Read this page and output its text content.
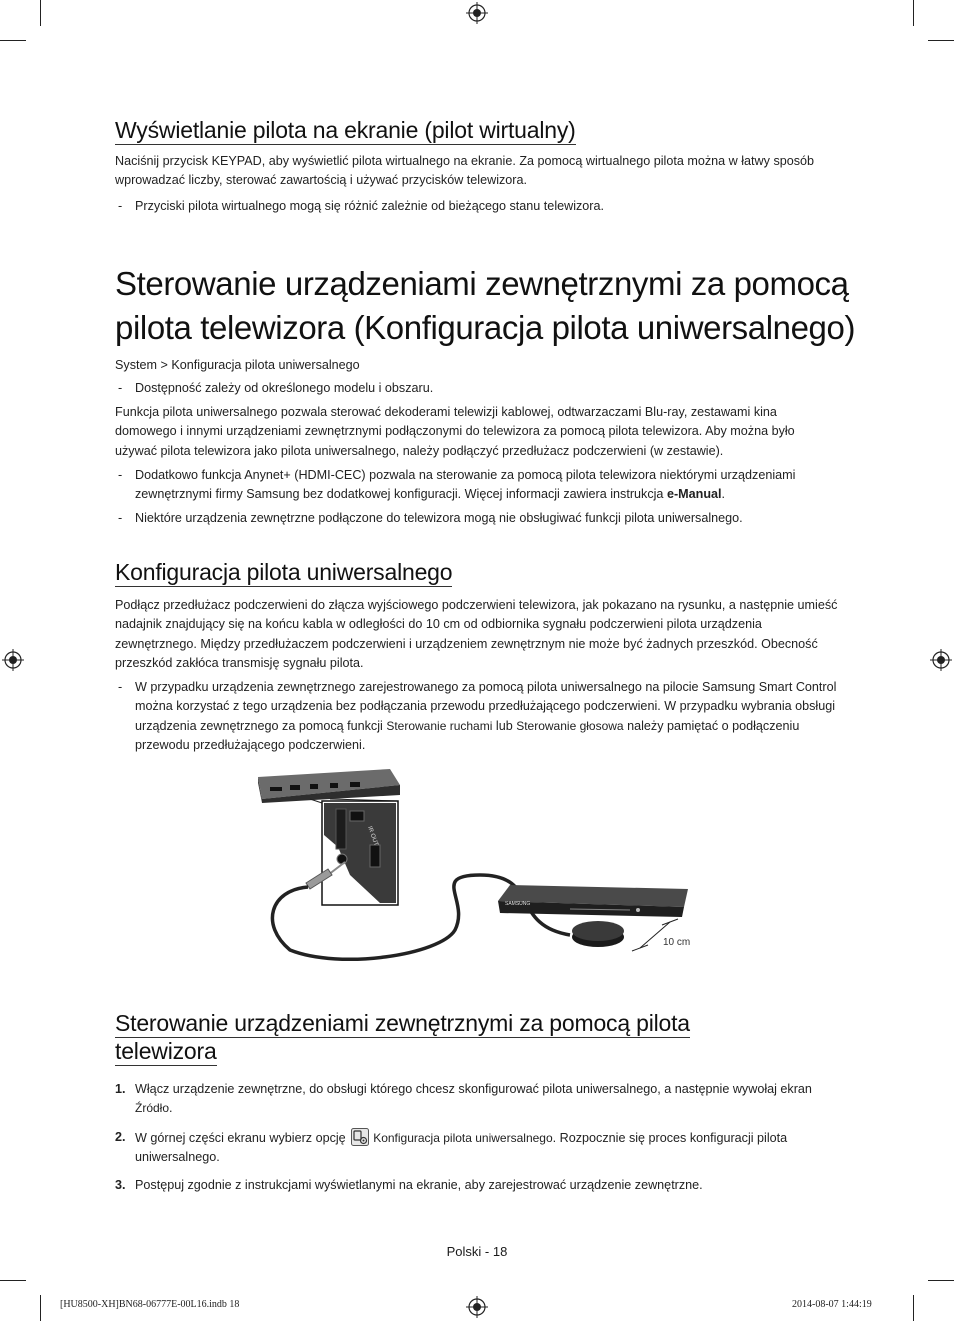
Wyświetlanie pilota na ekranie (pilot wirtualny)

Naciśnij przycisk KEYPAD, aby wyświetlić pilota wirtualnego na ekranie. Za pomocą wirtualnego pilota można w łatwy sposób wprowadzać liczby, sterować zawartością i używać przycisków telewizora.

- Przyciski pilota wirtualnego mogą się różnić zależnie od bieżącego stanu telewizora.

Sterowanie urządzeniami zewnętrznymi za pomocą
pilota telewizora (Konfiguracja pilota uniwersalnego)

System > Konfiguracja pilota uniwersalnego

- Dostępność zależy od określonego modelu i obszaru.

Funkcja pilota uniwersalnego pozwala sterować dekoderami telewizji kablowej, odtwarzaczami Blu-ray, zestawami kina domowego i innymi urządzeniami zewnętrznymi podłączonymi do telewizora za pomocą pilota telewizora. Aby można było używać pilota telewizora jako pilota uniwersalnego, należy podłączyć przedłużacz podczerwieni (w zestawie).

- Dodatkowo funkcja Anynet+ (HDMI-CEC) pozwala na sterowanie za pomocą pilota telewizora niektórymi urządzeniami zewnętrznymi firmy Samsung bez dodatkowej konfiguracji. Więcej informacji zawiera instrukcja e-Manual.

- Niektóre urządzenia zewnętrzne podłączone do telewizora mogą nie obsługiwać funkcji pilota uniwersalnego.

Konfiguracja pilota uniwersalnego

Podłącz przedłużacz podczerwieni do złącza wyjściowego podczerwieni telewizora, jak pokazano na rysunku, a następnie umieść nadajnik znajdujący się na końcu kabla w odległości do 10 cm od odbiornika sygnału podczerwieni pilota urządzenia zewnętrznego. Między przedłużaczem podczerwieni i urządzeniem zewnętrznym nie może być żadnych przeszkód. Obecność przeszkód zakłóca transmisję sygnału pilota.

- W przypadku urządzenia zewnętrznego zarejestrowanego za pomocą pilota uniwersalnego na pilocie Samsung Smart Control można korzystać z tego urządzenia bez podłączania przewodu przedłużającego podczerwieni. W przypadku wybrania obsługi urządzenia zewnętrznego za pomocą funkcji Sterowanie ruchami lub Sterowanie głosowa należy pamiętać o podłączeniu przewodu przedłużającego podczerwieni.

IR OUT
SAMSUNG
10 cm
Sterowanie urządzeniami zewnętrznymi za pomocą pilota
telewizora

1. Włącz urządzenie zewnętrzne, do obsługi którego chcesz skonfigurować pilota uniwersalnego, a następnie wywołaj ekran Źródło.

2. W górnej części ekranu wybierz opcję Konfiguracja pilota uniwersalnego. Rozpocznie się proces konfiguracji pilota uniwersalnego.

3. Postępuj zgodnie z instrukcjami wyświetlanymi na ekranie, aby zarejestrować urządzenie zewnętrzne.

Polski - 18
[HU8500-XH]BN68-06777E-00L16.indb 18	2014-08-07 1:44:19
